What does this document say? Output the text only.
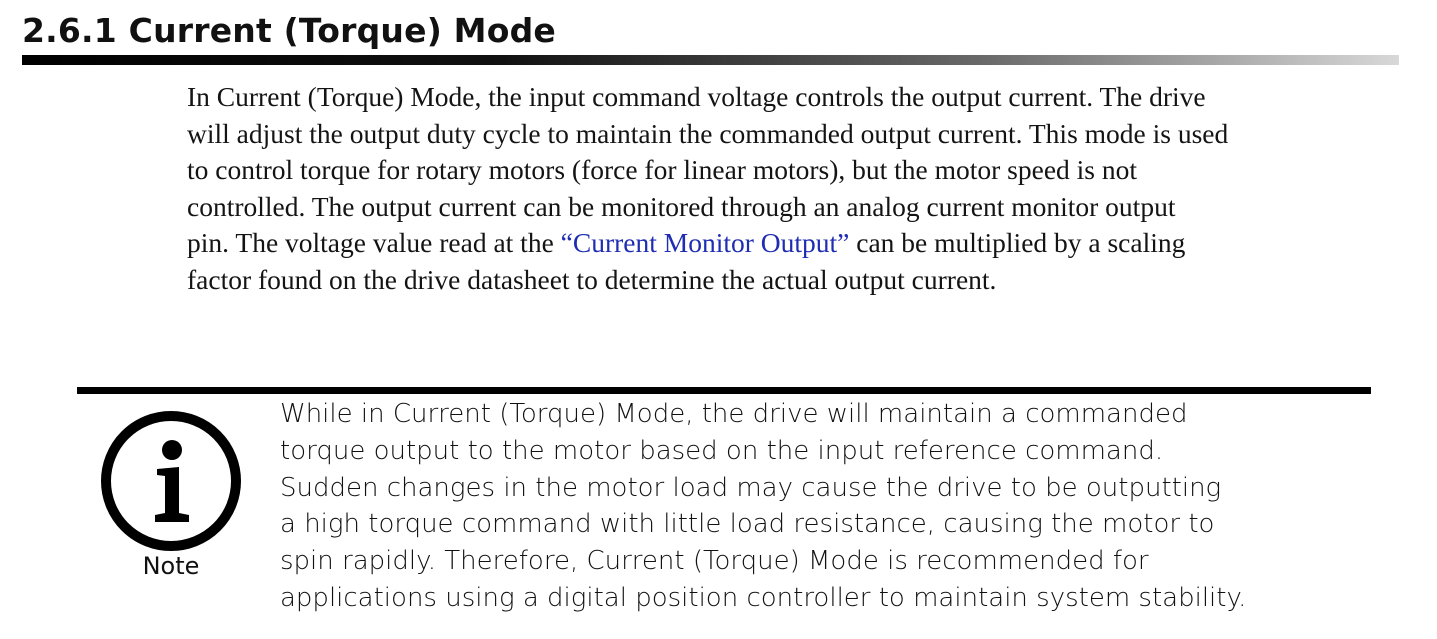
2.6.1 Current (Torque) Mode

In Current (Torque) Mode, the input command voltage controls the output current. The drive
will adjust the output duty cycle to maintain the commanded output current. This mode is used
to control torque for rotary motors (force for linear motors), but the motor speed is not
controlled. The output current can be monitored through an analog current monitor output
pin. The voltage value read at the “Current Monitor Output” can be multiplied by a scaling
factor found on the drive datasheet to determine the actual output current.

Note

While in Current (Torque) Mode, the drive will maintain a commanded
torque output to the motor based on the input reference command.
Sudden changes in the motor load may cause the drive to be outputting
a high torque command with little load resistance, causing the motor to
spin rapidly. Therefore, Current (Torque) Mode is recommended for
applications using a digital position controller to maintain system stability.
